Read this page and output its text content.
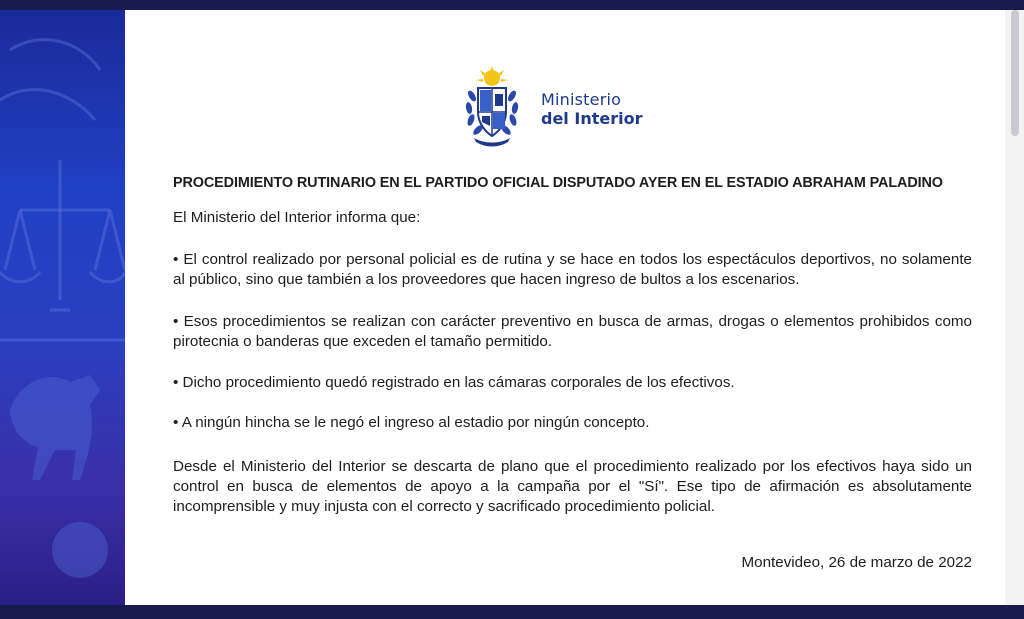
Ministerio
del Interior

PROCEDIMIENTO RUTINARIO EN EL PARTIDO OFICIAL DISPUTADO AYER EN EL ESTADIO ABRAHAM PALADINO

El Ministerio del Interior informa que:

• El control realizado por personal policial es de rutina y se hace en todos los espectáculos deportivos, no solamente al público, sino que también a los proveedores que hacen ingreso de bultos a los escenarios.

• Esos procedimientos se realizan con carácter preventivo en busca de armas, drogas o elementos prohibidos como pirotecnia o banderas que exceden el tamaño permitido.

• Dicho procedimiento quedó registrado en las cámaras corporales de los efectivos.

• A ningún hincha se le negó el ingreso al estadio por ningún concepto.

Desde el Ministerio del Interior se descarta de plano que el procedimiento realizado por los efectivos haya sido un control en busca de elementos de apoyo a la campaña por el "Sí". Ese tipo de afirmación es absolutamente incomprensible y muy injusta con el correcto y sacrificado procedimiento policial.

Montevideo, 26 de marzo de 2022
